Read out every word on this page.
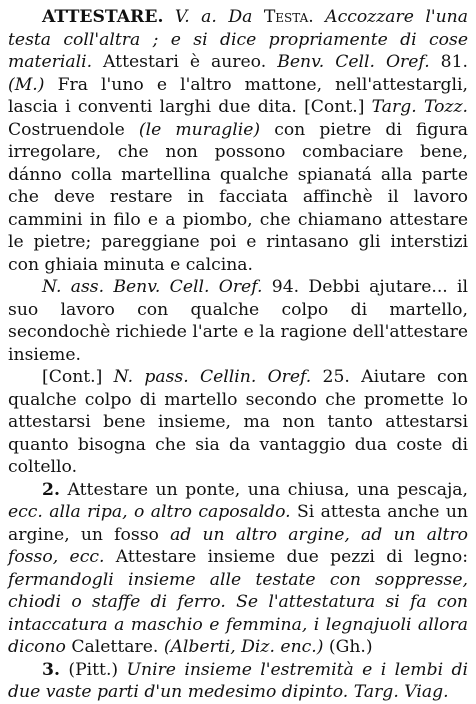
ATTESTARE. V. a. Da Testa. Accozzare l'una testa coll'altra ; e si dice propriamente di cose materiali. Attestari è aureo. Benv. Cell. Oref. 81. (M.) Fra l'uno e l'altro mattone, nell'attestargli, lascia i conventi larghi due dita. [Cont.] Targ. Tozz. Costruendole (le muraglie) con pietre di figura irregolare, che non possono combaciare bene, dánno colla martellina qualche spianatá alla parte che deve restare in facciata affinchè il lavoro cammini in filo e a piombo, che chiamano attestare le pietre; pareggiane poi e rintasano gli interstizi con ghiaia minuta e calcina.

N. ass. Benv. Cell. Oref. 94. Debbi ajutare... il suo lavoro con qualche colpo di martello, secondochè richiede l'arte e la ragione dell'attestare insieme.

[Cont.] N. pass. Cellin. Oref. 25. Aiutare con qualche colpo di martello secondo che promette lo attestarsi bene insieme, ma non tanto attestarsi quanto bisogna che sia da vantaggio dua coste di coltello.

2. Attestare un ponte, una chiusa, una pescaja, ecc. alla ripa, o altro caposaldo. Si attesta anche un argine, un fosso ad un altro argine, ad un altro fosso, ecc. Attestare insieme due pezzi di legno: fermandogli insieme alle testate con soppresse, chiodi o staffe di ferro. Se l'attestatura si fa con intaccatura a maschio e femmina, i legnajuoli allora dicono Calettare. (Alberti, Diz. enc.) (Gh.)

3. (Pitt.) Unire insieme l'estremità e i lembi di due vaste parti d'un medesimo dipinto. Targ. Viag.
